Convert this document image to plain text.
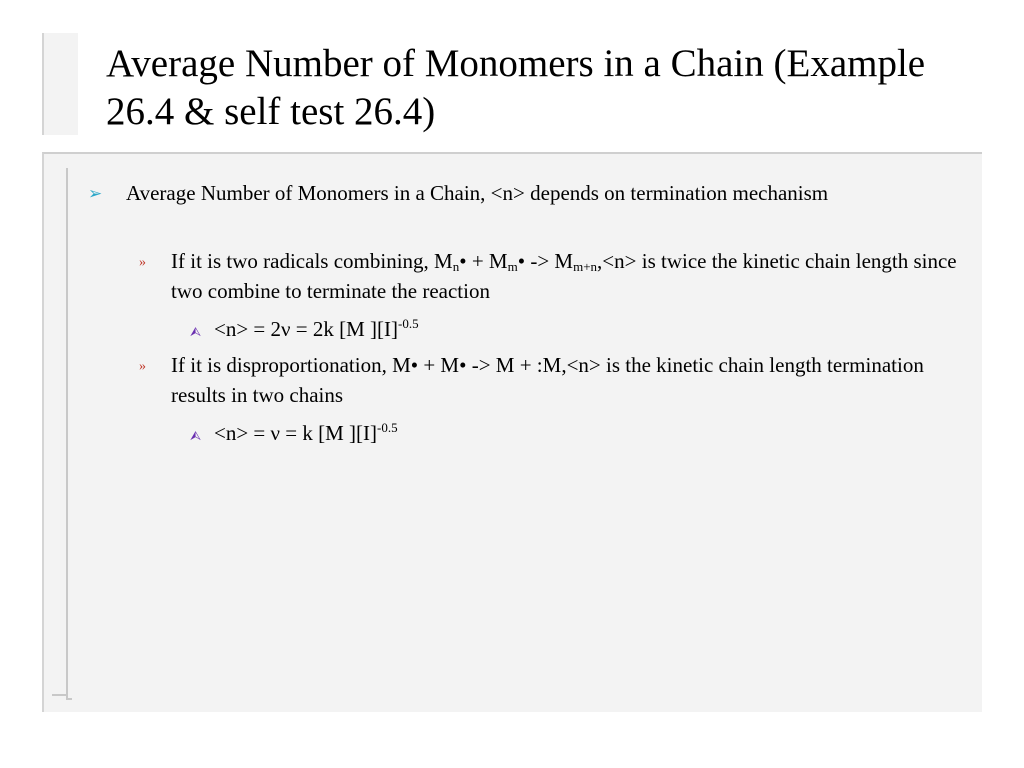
Average Number of Monomers in a Chain (Example 26.4 & self test 26.4)
➢ Average Number of Monomers in a Chain, <n> depends on termination mechanism
» If it is two radicals combining, $M_n•$ + $M_m• -> M_{m+n},<n>$ is twice the kinetic chain length since two combine to terminate the reaction
⮙ <n> = 2ν = 2k [M ]$[I]^{-0.5}$
» If it is disproportionation, M• + M• -> M + :M,<n> is the kinetic chain length termination results in two chains
⮙ <n> = ν = k [M ]$[I]^{-0.5}$
